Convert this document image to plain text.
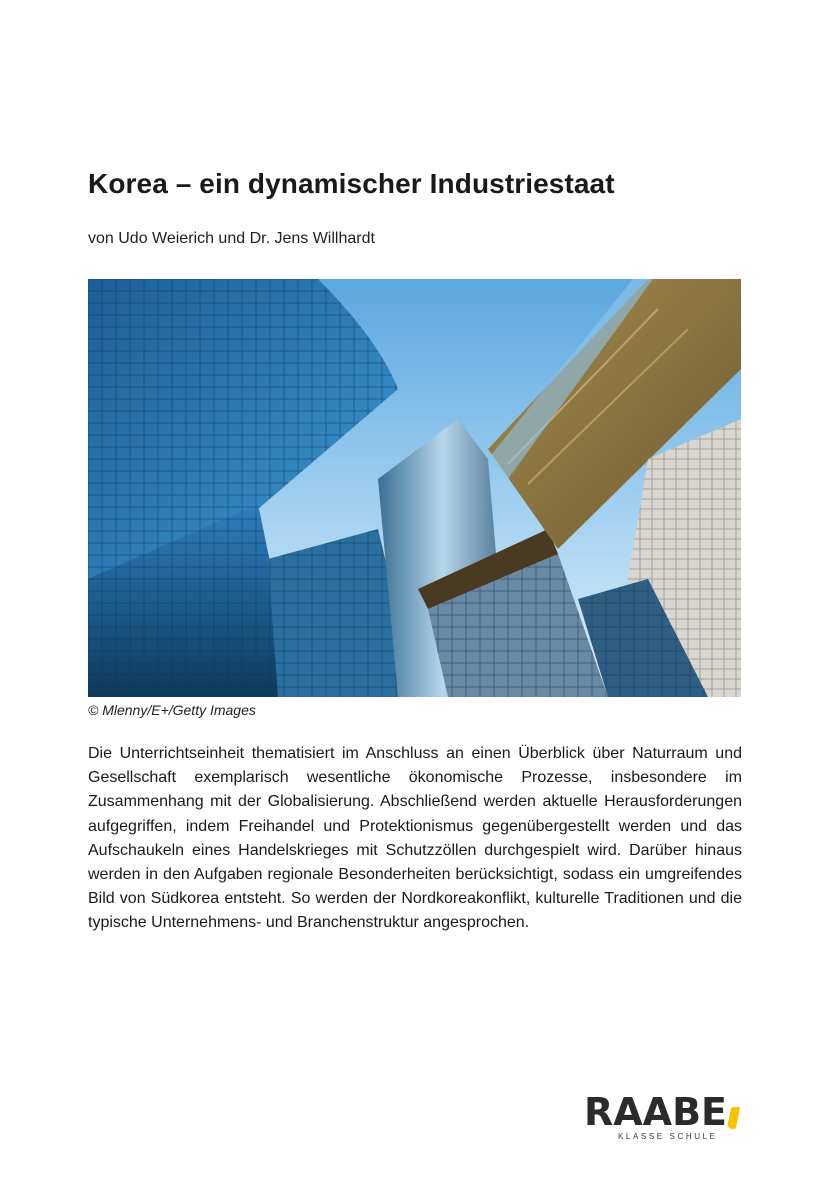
Korea – ein dynamischer Industriestaat
von Udo Weierich und Dr. Jens Willhardt
© Mlenny/E+/Getty Images

Die Unterrichtseinheit thematisiert im Anschluss an einen Überblick über Naturraum und Gesellschaft exemplarisch wesentliche ökonomische Prozesse, insbesondere im Zusammenhang mit der Globalisierung. Abschließend werden aktuelle Herausforderungen aufgegriffen, indem Freihandel und Protektionismus gegenübergestellt werden und das Aufschaukeln eines Handelskrieges mit Schutzzöllen durchgespielt wird. Darüber hinaus werden in den Aufgaben regionale Besonderheiten berücksichtigt, sodass ein umgreifendes Bild von Südkorea entsteht. So werden der Nordkoreakonflikt, kulturelle Traditionen und die typische Unternehmens- und Branchenstruktur angesprochen.

RAABE
KLASSE SCHULE
